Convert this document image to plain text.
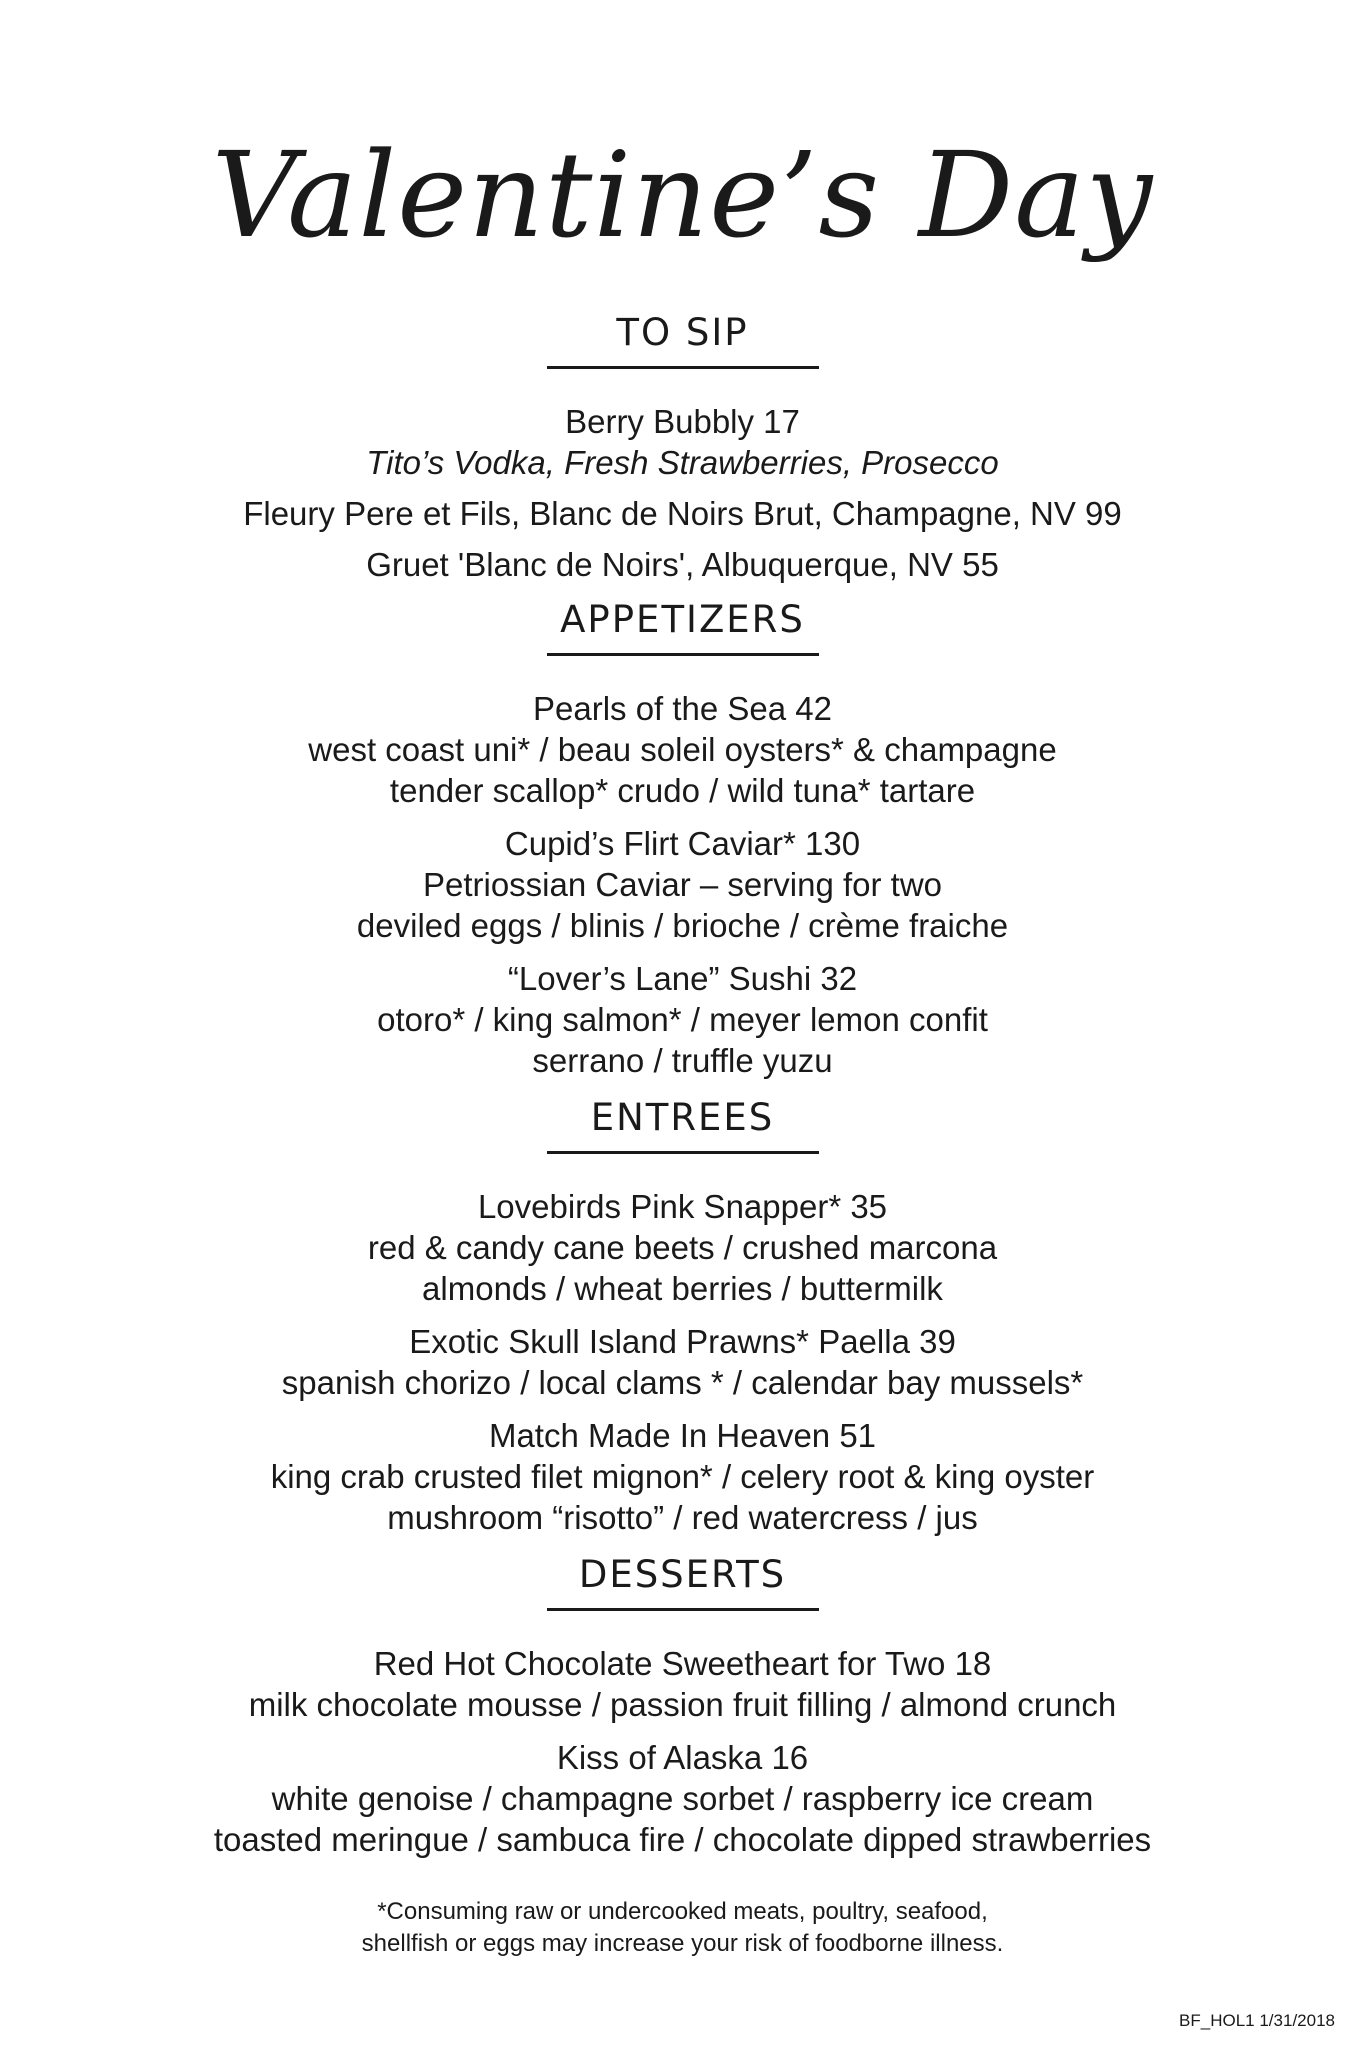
Valentine’s Day
TO SIP
Berry Bubbly 17
Tito’s Vodka, Fresh Strawberries, Prosecco
Fleury Pere et Fils, Blanc de Noirs Brut, Champagne, NV 99
Gruet 'Blanc de Noirs', Albuquerque, NV 55
APPETIZERS
Pearls of the Sea 42
west coast uni* / beau soleil oysters* & champagne
tender scallop* crudo / wild tuna* tartare
Cupid’s Flirt Caviar* 130
Petriossian Caviar – serving for two
deviled eggs / blinis / brioche / crème fraiche
“Lover’s Lane” Sushi 32
otoro* / king salmon* / meyer lemon confit
serrano / truffle yuzu
ENTREES
Lovebirds Pink Snapper* 35
red & candy cane beets / crushed marcona
almonds / wheat berries / buttermilk
Exotic Skull Island Prawns* Paella 39
spanish chorizo / local clams * / calendar bay mussels*
Match Made In Heaven 51
king crab crusted filet mignon* / celery root & king oyster
mushroom “risotto” / red watercress / jus
DESSERTS
Red Hot Chocolate Sweetheart for Two 18
milk chocolate mousse / passion fruit filling / almond crunch
Kiss of Alaska 16
white genoise / champagne sorbet / raspberry ice cream
toasted meringue / sambuca fire / chocolate dipped strawberries
*Consuming raw or undercooked meats, poultry, seafood,
shellfish or eggs may increase your risk of foodborne illness.
BF_HOL1 1/31/2018
